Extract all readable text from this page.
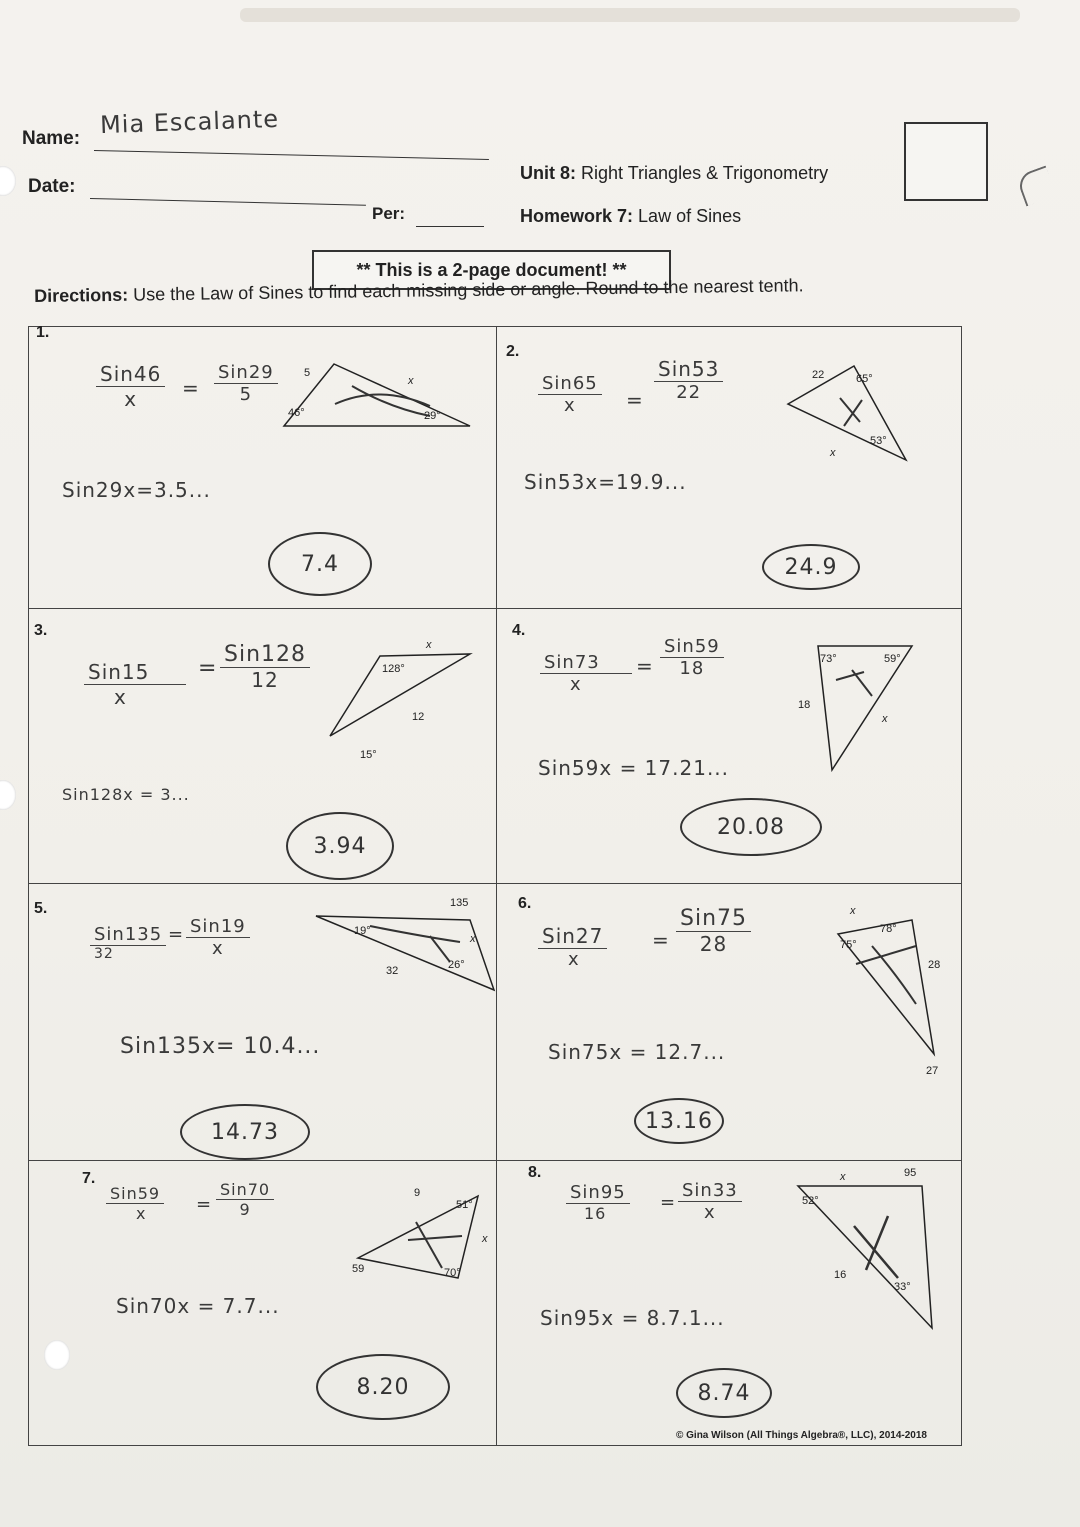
Name: Mia Escalante
Date:
Per:
Unit 8: Right Triangles & Trigonometry
Homework 7: Law of Sines
** This is a 2-page document! **
Directions: Use the Law of Sines to find each missing side or angle. Round to the nearest tenth.
1.
2.
3.	4.
5.	6.
7.	8.
Sin46
x	=
Sin29
5
5
x
46°	29°
Sin29x=3.5...
7.4
Sin65
x	=
Sin53
22
22
x
65°
53°
Sin53x=19.9...
24.9
Sin15
x
=
Sin128
12
x
12
128°
15°
Sin128x = 3...
3.94
Sin73
x
=
Sin59
18
18
x
73°	59°
Sin59x = 17.21...
20.08
Sin135
32
= Sin19
x
135
x
32
19°
26°
Sin135x= 10.4...
14.73
Sin27
x
=
Sin75
28
x
28
75°
78°
27
Sin75x = 12.7...
13.16
Sin59
x	=
Sin70
9
9
x
51°
70°
59
Sin70x = 7.7...
8.20
Sin95
16
=
Sin33
x
x	95
16
52°
33°
Sin95x = 8.7.1...
8.74
© Gina Wilson (All Things Algebra®, LLC), 2014-2018
